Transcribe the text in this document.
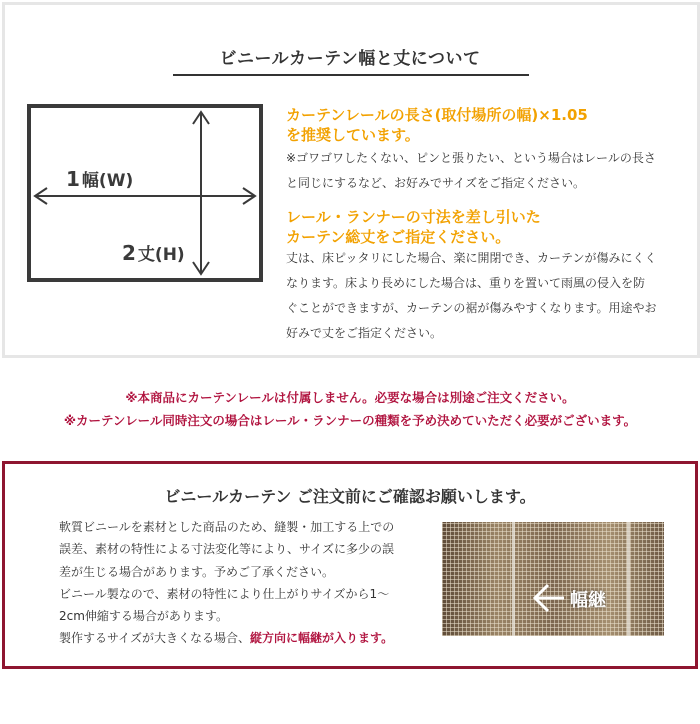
ビニールカーテン幅と丈について
1 幅(W)
2 丈(H)
カーテンレールの長さ(取付場所の幅)×1.05
を推奨しています。
※ゴワゴワしたくない、ピンと張りたい、という場合はレールの長さ
と同じにするなど、お好みでサイズをご指定ください。
レール・ランナーの寸法を差し引いた
カーテン総丈をご指定ください。
丈は、床ピッタリにした場合、楽に開閉でき、カーテンが傷みにくく
なります。床より長めにした場合は、重りを置いて雨風の侵入を防
ぐことができますが、カーテンの裾が傷みやすくなります。用途やお
好みで丈をご指定ください。
※本商品にカーテンレールは付属しません。必要な場合は別途ご注文ください。
※カーテンレール同時注文の場合はレール・ランナーの種類を予め決めていただく必要がございます。
ビニールカーテン ご注文前にご確認お願いします。
軟質ビニールを素材とした商品のため、縫製・加工する上での
誤差、素材の特性による寸法変化等により、サイズに多少の誤
差が生じる場合があります。予めご了承ください。
ビニール製なので、素材の特性により仕上がりサイズから1～
2cm伸縮する場合があります。
製作するサイズが大きくなる場合、縦方向に幅継が入ります。
幅継
